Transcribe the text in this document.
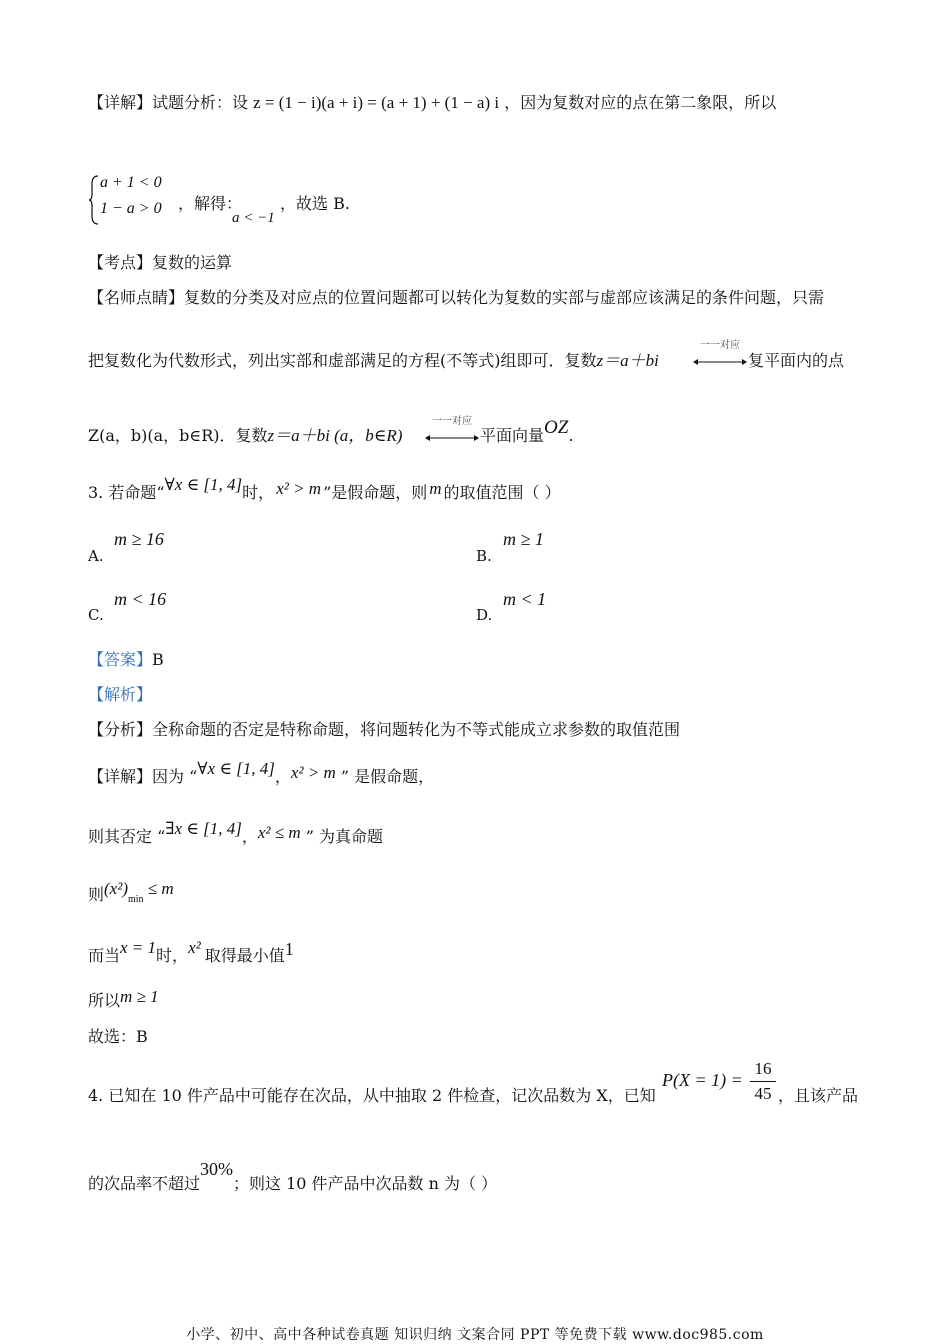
【详解】试题分析：设 z = (1 − i)(a + i) = (a + 1) + (1 − a) i ，因为复数对应的点在第二象限，所以
a + 1 < 0
1 − a > 0 ，解得：
a < −1
，故选 B.
【考点】复数的运算
【名师点睛】复数的分类及对应点的位置问题都可以转化为复数的实部与虚部应该满足的条件问题，只需
把复数化为代数形式，列出实部和虚部满足的方程(不等式)组即可．复数z＝a＋bi
一一对应
复平面内的点
Z(a，b)(a，b∈R)．复数z＝a＋bi (a，b∈R)
一一对应
平面向量OZ.
3. 若命题“∀x ∈ [1, 4]时， x² > m ”是假命题，则 m 的取值范围（ ）
A.
m ≥ 16
B.
m ≥ 1
C.
m < 16
D.
m < 1
【答案】B
【解析】
【分析】全称命题的否定是特称命题，将问题转化为不等式能成立求参数的取值范围
【详解】因为 “∀x ∈ [1, 4]，x² > m ” 是假命题，
则其否定 “∃x ∈ [1, 4]，x² ≤ m ” 为真命题
则(x²)min ≤ m
而当x = 1时，x² 取得最小值1
所以m ≥ 1
故选：B
4. 已知在 10 件产品中可能存在次品，从中抽取 2 件检查，记次品数为 X，已知
P(X = 1) =
16
45 ，且该产品
的次品率不超过30%；则这 10 件产品中次品数 n 为（ ）
小学、初中、高中各种试卷真题 知识归纳 文案合同 PPT 等免费下载 www.doc985.com
